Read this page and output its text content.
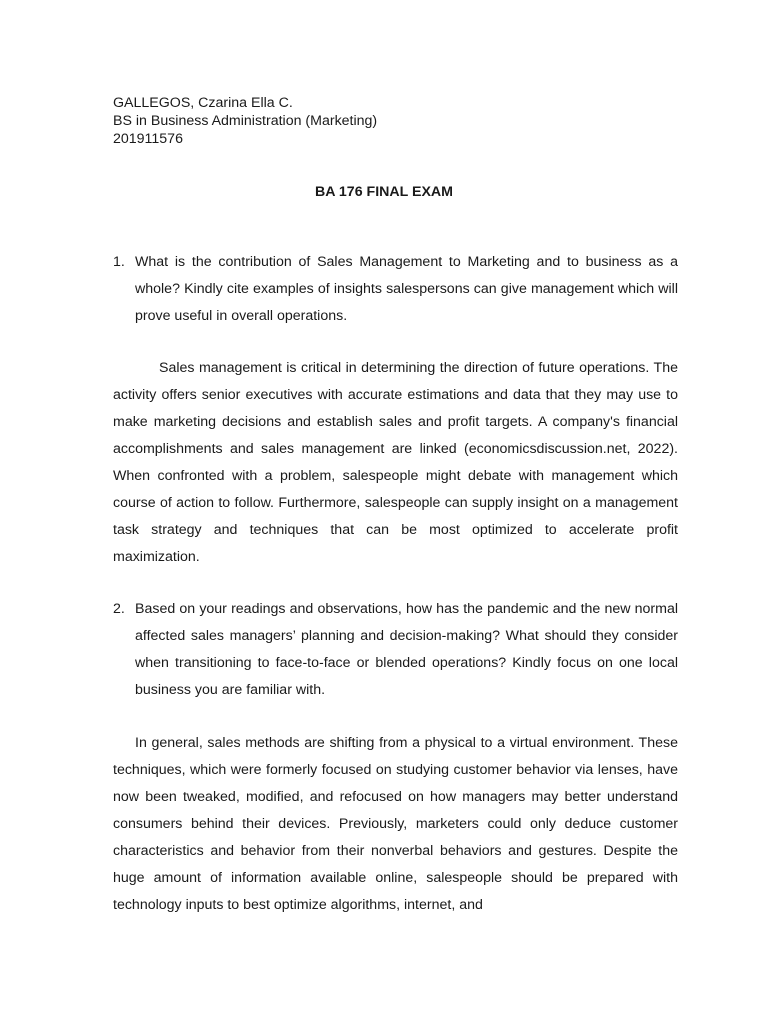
GALLEGOS, Czarina Ella C.
BS in Business Administration (Marketing)
201911576
BA 176 FINAL EXAM
1. What is the contribution of Sales Management to Marketing and to business as a whole? Kindly cite examples of insights salespersons can give management which will prove useful in overall operations.
Sales management is critical in determining the direction of future operations. The activity offers senior executives with accurate estimations and data that they may use to make marketing decisions and establish sales and profit targets. A company's financial accomplishments and sales management are linked (economicsdiscussion.net, 2022). When confronted with a problem, salespeople might debate with management which course of action to follow. Furthermore, salespeople can supply insight on a management task strategy and techniques that can be most optimized to accelerate profit maximization.
2. Based on your readings and observations, how has the pandemic and the new normal affected sales managers’ planning and decision-making? What should they consider when transitioning to face-to-face or blended operations? Kindly focus on one local business you are familiar with.
In general, sales methods are shifting from a physical to a virtual environment. These techniques, which were formerly focused on studying customer behavior via lenses, have now been tweaked, modified, and refocused on how managers may better understand consumers behind their devices. Previously, marketers could only deduce customer characteristics and behavior from their nonverbal behaviors and gestures. Despite the huge amount of information available online, salespeople should be prepared with technology inputs to best optimize algorithms, internet, and
